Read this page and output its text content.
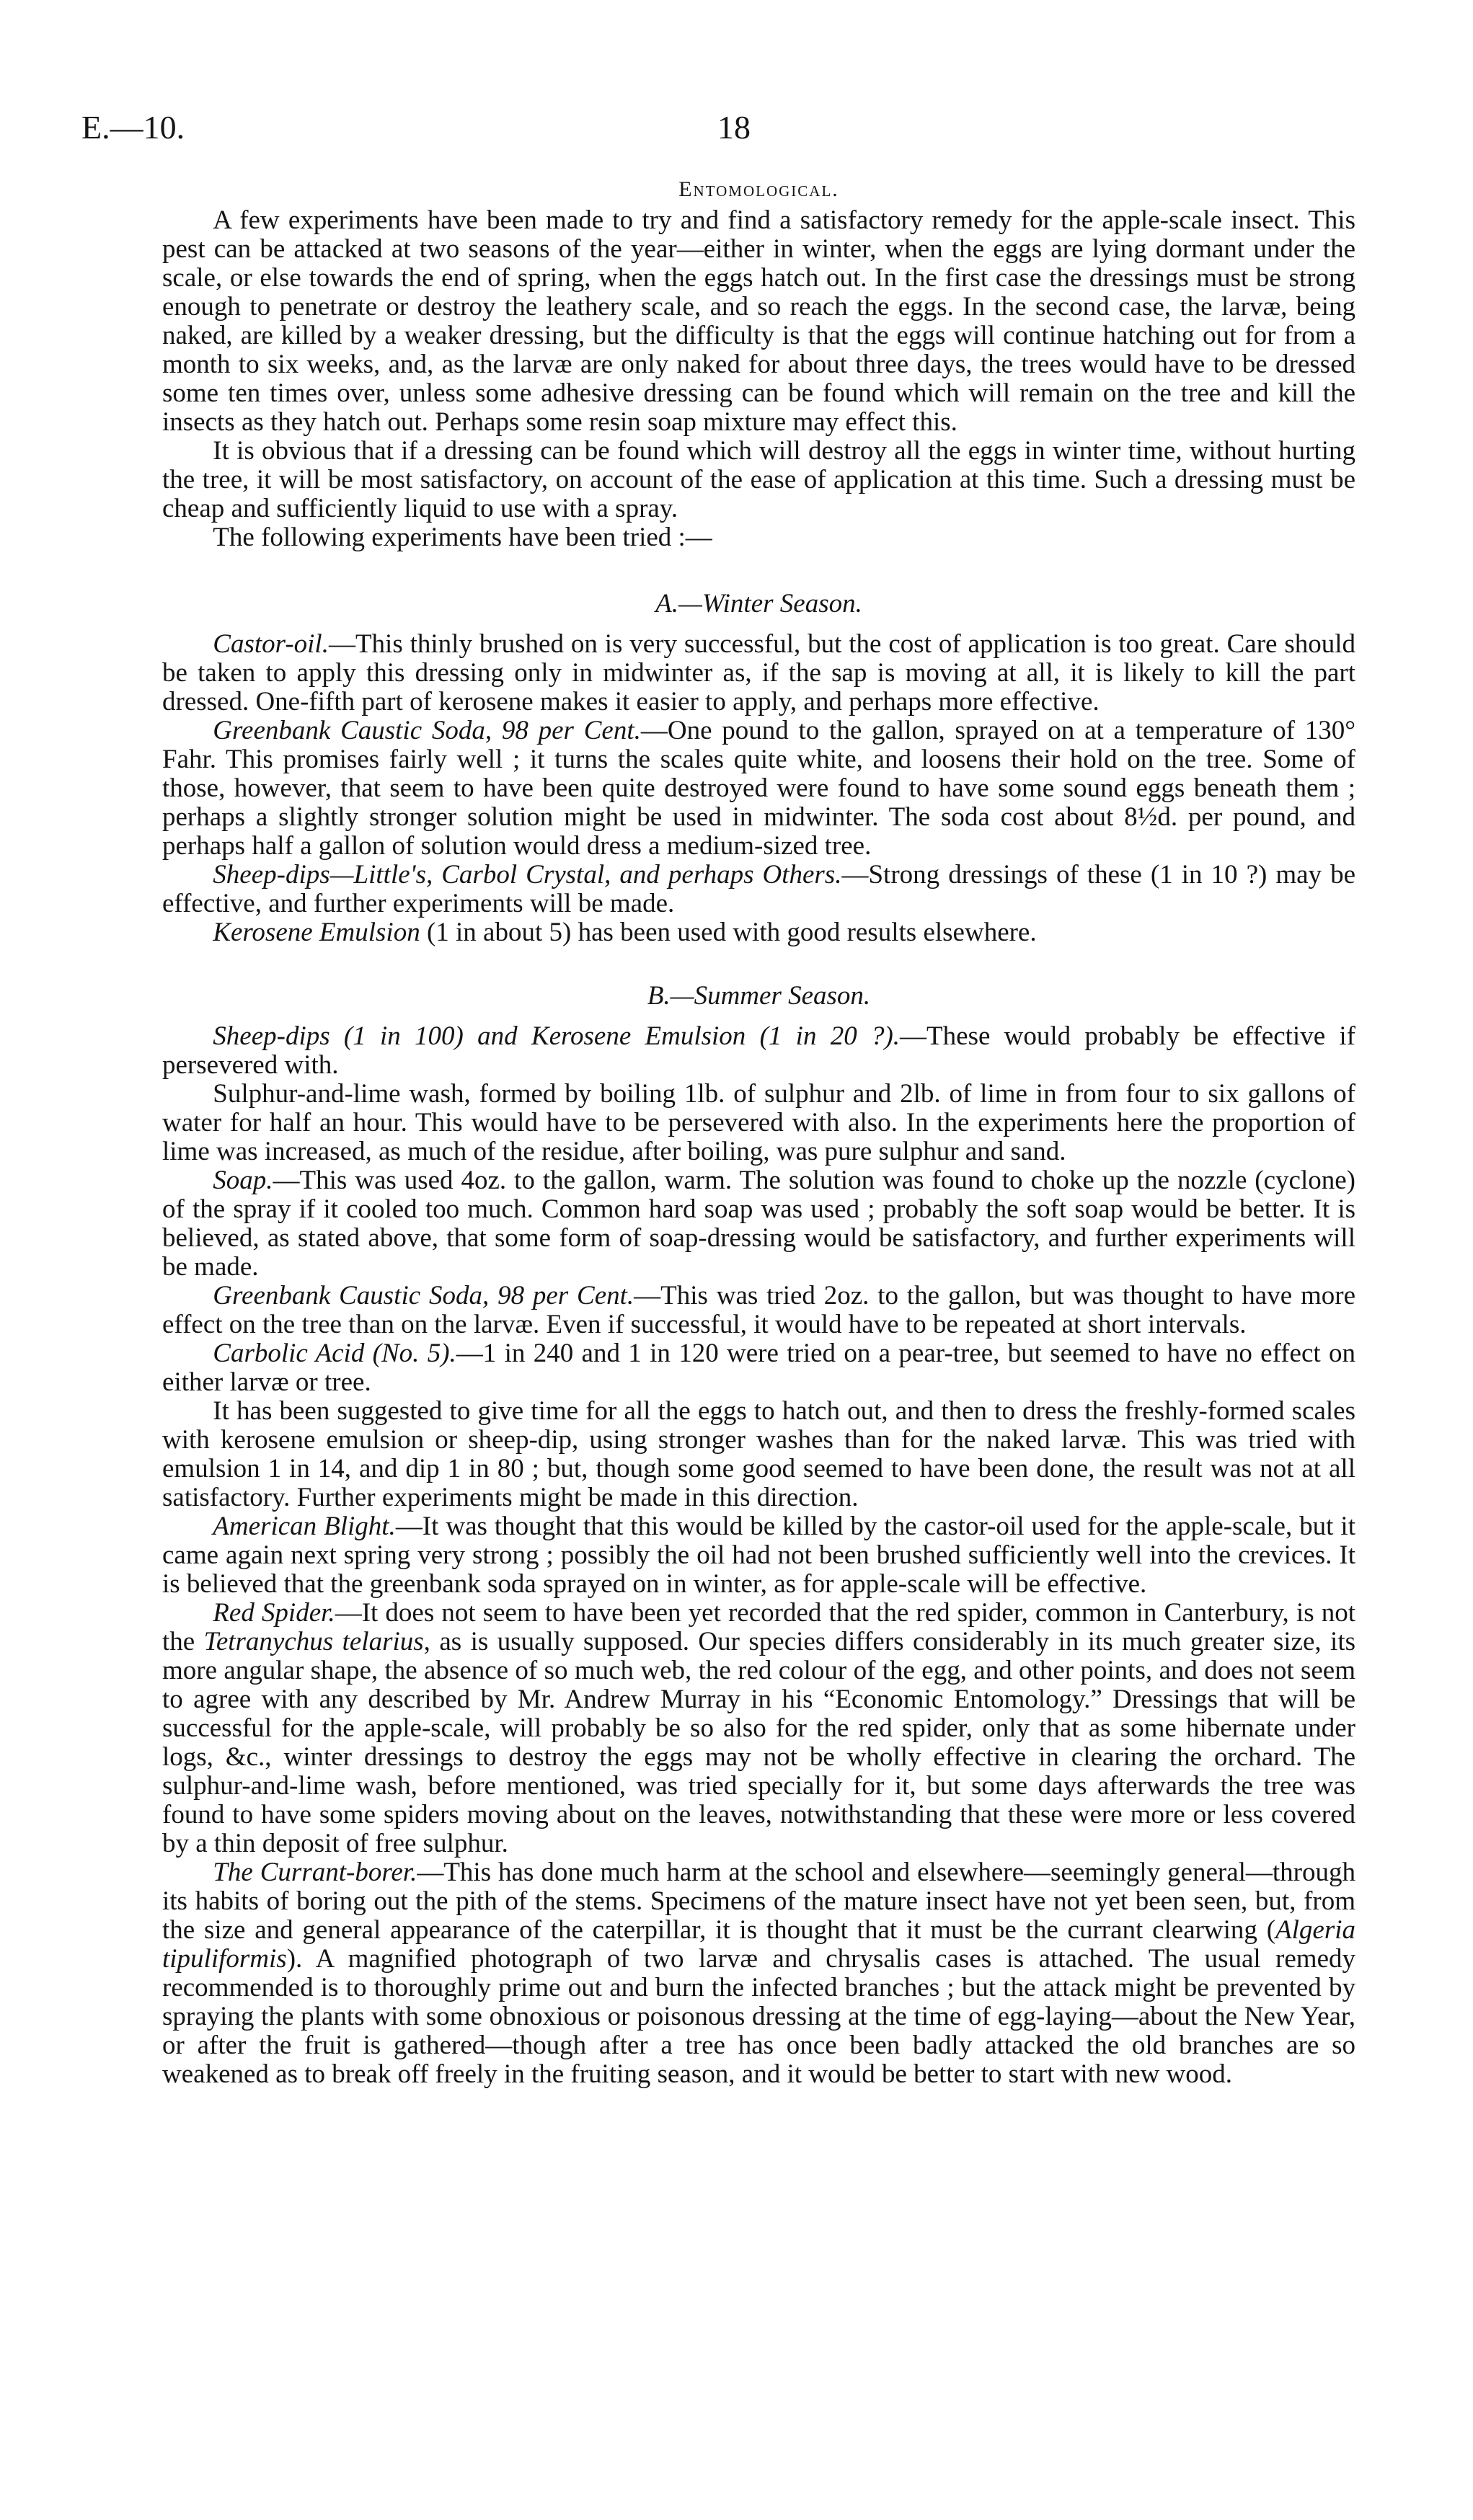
E.—10.	18
Entomological.

A few experiments have been made to try and find a satisfactory remedy for the apple-scale insect. This pest can be attacked at two seasons of the year—either in winter, when the eggs are lying dormant under the scale, or else towards the end of spring, when the eggs hatch out. In the first case the dressings must be strong enough to penetrate or destroy the leathery scale, and so reach the eggs. In the second case, the larvæ, being naked, are killed by a weaker dressing, but the difficulty is that the eggs will continue hatching out for from a month to six weeks, and, as the larvæ are only naked for about three days, the trees would have to be dressed some ten times over, unless some adhesive dressing can be found which will remain on the tree and kill the insects as they hatch out. Perhaps some resin soap mixture may effect this.

It is obvious that if a dressing can be found which will destroy all the eggs in winter time, without hurting the tree, it will be most satisfactory, on account of the ease of application at this time. Such a dressing must be cheap and sufficiently liquid to use with a spray.

The following experiments have been tried :—

A.—Winter Season.

Castor-oil.—This thinly brushed on is very successful, but the cost of application is too great. Care should be taken to apply this dressing only in midwinter as, if the sap is moving at all, it is likely to kill the part dressed. One-fifth part of kerosene makes it easier to apply, and perhaps more effective.

Greenbank Caustic Soda, 98 per Cent.—One pound to the gallon, sprayed on at a temperature of 130° Fahr. This promises fairly well ; it turns the scales quite white, and loosens their hold on the tree. Some of those, however, that seem to have been quite destroyed were found to have some sound eggs beneath them ; perhaps a slightly stronger solution might be used in midwinter. The soda cost about 8½d. per pound, and perhaps half a gallon of solution would dress a medium-sized tree.

Sheep-dips—Little's, Carbol Crystal, and perhaps Others.—Strong dressings of these (1 in 10 ?) may be effective, and further experiments will be made.

Kerosene Emulsion (1 in about 5) has been used with good results elsewhere.

B.—Summer Season.

Sheep-dips (1 in 100) and Kerosene Emulsion (1 in 20 ?).—These would probably be effective if persevered with.

Sulphur-and-lime wash, formed by boiling 1lb. of sulphur and 2lb. of lime in from four to six gallons of water for half an hour. This would have to be persevered with also. In the experiments here the proportion of lime was increased, as much of the residue, after boiling, was pure sulphur and sand.

Soap.—This was used 4oz. to the gallon, warm. The solution was found to choke up the nozzle (cyclone) of the spray if it cooled too much. Common hard soap was used ; probably the soft soap would be better. It is believed, as stated above, that some form of soap-dressing would be satisfactory, and further experiments will be made.

Greenbank Caustic Soda, 98 per Cent.—This was tried 2oz. to the gallon, but was thought to have more effect on the tree than on the larvæ. Even if successful, it would have to be repeated at short intervals.

Carbolic Acid (No. 5).—1 in 240 and 1 in 120 were tried on a pear-tree, but seemed to have no effect on either larvæ or tree.

It has been suggested to give time for all the eggs to hatch out, and then to dress the freshly-formed scales with kerosene emulsion or sheep-dip, using stronger washes than for the naked larvæ. This was tried with emulsion 1 in 14, and dip 1 in 80 ; but, though some good seemed to have been done, the result was not at all satisfactory. Further experiments might be made in this direction.

American Blight.—It was thought that this would be killed by the castor-oil used for the apple-scale, but it came again next spring very strong ; possibly the oil had not been brushed sufficiently well into the crevices. It is believed that the greenbank soda sprayed on in winter, as for apple-scale will be effective.

Red Spider.—It does not seem to have been yet recorded that the red spider, common in Canterbury, is not the Tetranychus telarius, as is usually supposed. Our species differs considerably in its much greater size, its more angular shape, the absence of so much web, the red colour of the egg, and other points, and does not seem to agree with any described by Mr. Andrew Murray in his “Economic Entomology.” Dressings that will be successful for the apple-scale, will probably be so also for the red spider, only that as some hibernate under logs, &c., winter dressings to destroy the eggs may not be wholly effective in clearing the orchard. The sulphur-and-lime wash, before mentioned, was tried specially for it, but some days afterwards the tree was found to have some spiders moving about on the leaves, notwithstanding that these were more or less covered by a thin deposit of free sulphur.

The Currant-borer.—This has done much harm at the school and elsewhere—seemingly general—through its habits of boring out the pith of the stems. Specimens of the mature insect have not yet been seen, but, from the size and general appearance of the caterpillar, it is thought that it must be the currant clearwing (Algeria tipuliformis). A magnified photograph of two larvæ and chrysalis cases is attached. The usual remedy recommended is to thoroughly prime out and burn the infected branches ; but the attack might be prevented by spraying the plants with some obnoxious or poisonous dressing at the time of egg-laying—about the New Year, or after the fruit is gathered—though after a tree has once been badly attacked the old branches are so weakened as to break off freely in the fruiting season, and it would be better to start with new wood.
